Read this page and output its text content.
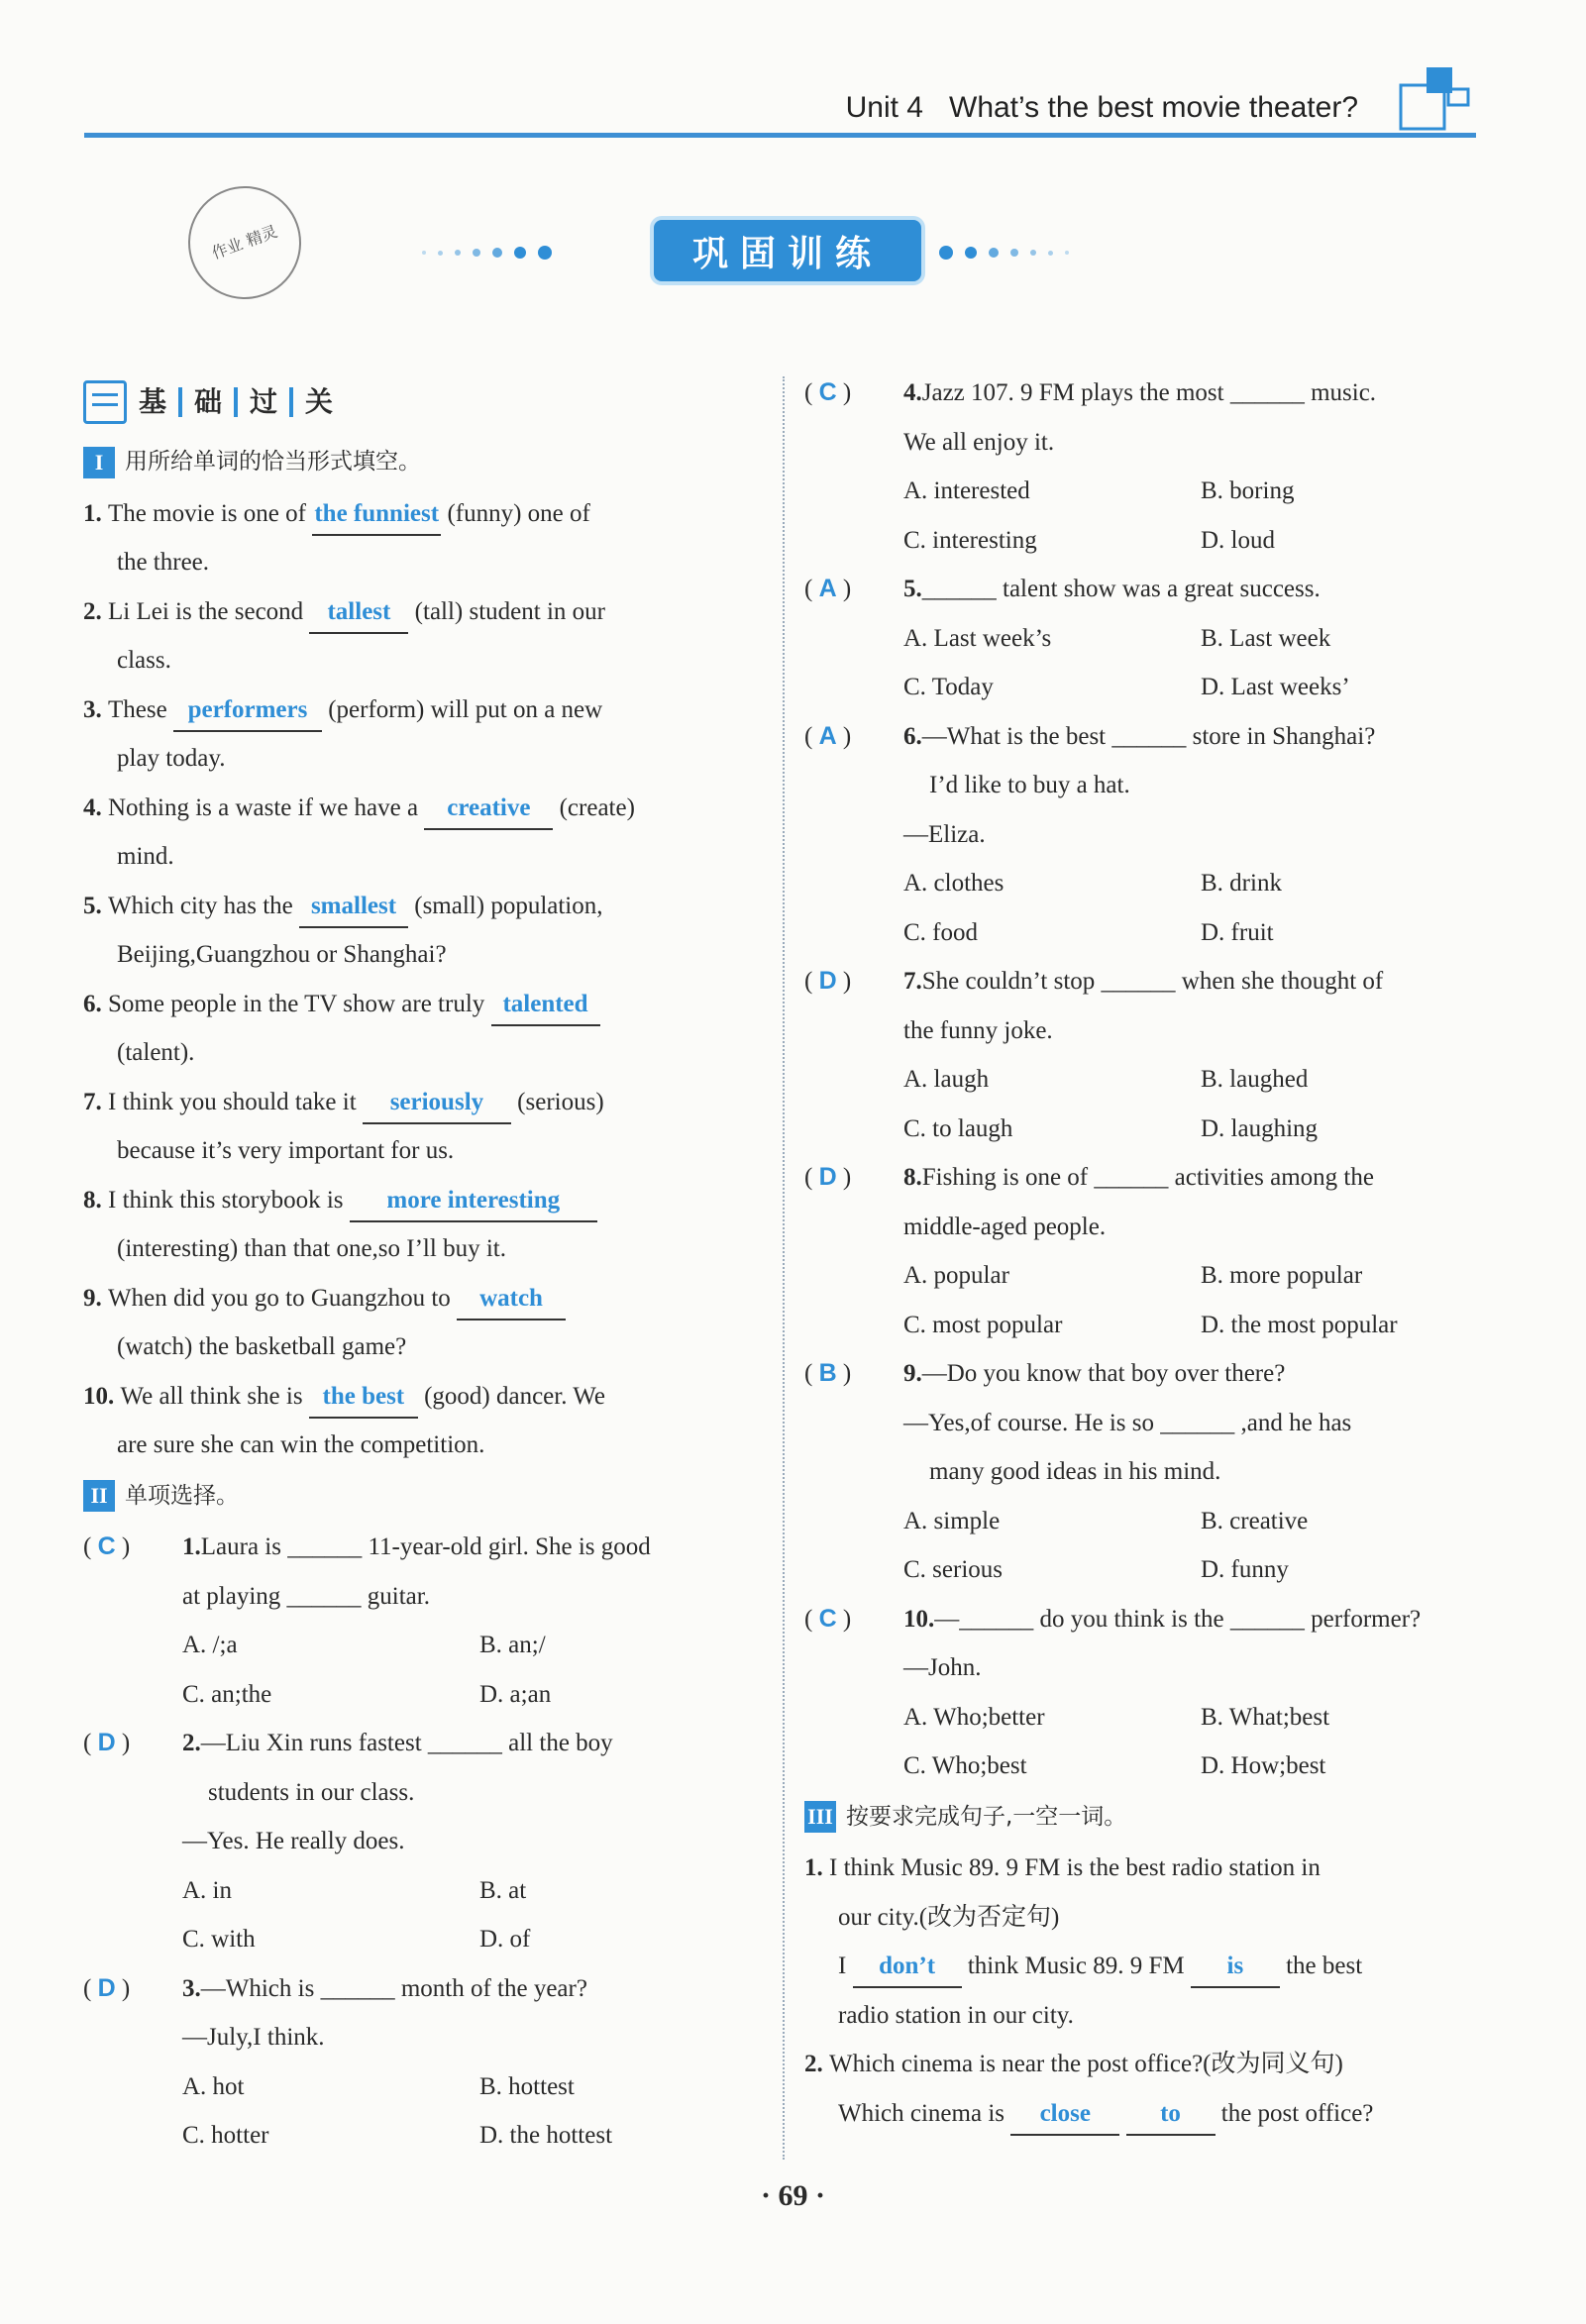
Unit 4 What’s the best movie theater?
作业 精灵	巩固训练
基 础 过 关
I 用所给单词的恰当形式填空。
1. The movie is one of the funniest (funny) one of
the three.
2. Li Lei is the second tallest (tall) student in our
class.
3. These performers (perform) will put on a new
play today.
4. Nothing is a waste if we have a creative (create)
mind.
5. Which city has the smallest (small) population,
Beijing,Guangzhou or Shanghai?
6. Some people in the TV show are truly talented
(talent).
7. I think you should take it seriously (serious)
because it’s very important for us.
8. I think this storybook is more interesting
(interesting) than that one,so I’ll buy it.
9. When did you go to Guangzhou to watch
(watch) the basketball game?
10. We all think she is the best (good) dancer. We
are sure she can win the competition.
II 单项选择。
( C )	1.Laura is ______ 11-year-old girl. She is good
at playing ______ guitar.
A. /;a	B. an;/
C. an;the	D. a;an
( D )	2.—Liu Xin runs fastest ______ all the boy
students in our class.
—Yes. He really does.
A. in	B. at
C. with	D. of
( D )	3.—Which is ______ month of the year?
—July,I think.
A. hot	B. hottest
C. hotter	D. the hottest
( C )	4.Jazz 107. 9 FM plays the most ______ music.
We all enjoy it.
A. interested	B. boring
C. interesting	D. loud
( A )	5.______ talent show was a great success.
A. Last week’s	B. Last week
C. Today	D. Last weeks’
( A )	6.—What is the best ______ store in Shanghai?
I’d like to buy a hat.
—Eliza.
A. clothes	B. drink
C. food	D. fruit
( D )	7.She couldn’t stop ______ when she thought of
the funny joke.
A. laugh	B. laughed
C. to laugh	D. laughing
( D )	8.Fishing is one of ______ activities among the
middle-aged people.
A. popular	B. more popular
C. most popular	D. the most popular
( B )	9.—Do you know that boy over there?
—Yes,of course. He is so ______ ,and he has
many good ideas in his mind.
A. simple	B. creative
C. serious	D. funny
( C )	10.—______ do you think is the ______ performer?
—John.
A. Who;better	B. What;best
C. Who;best	D. How;best
III 按要求完成句子,一空一词。
1. I think Music 89. 9 FM is the best radio station in
our city.(改为否定句)
I don’t think Music 89. 9 FM is the best
radio station in our city.
2. Which cinema is near the post office?(改为同义句)
Which cinema is close	to the post office?
· 69 ·
